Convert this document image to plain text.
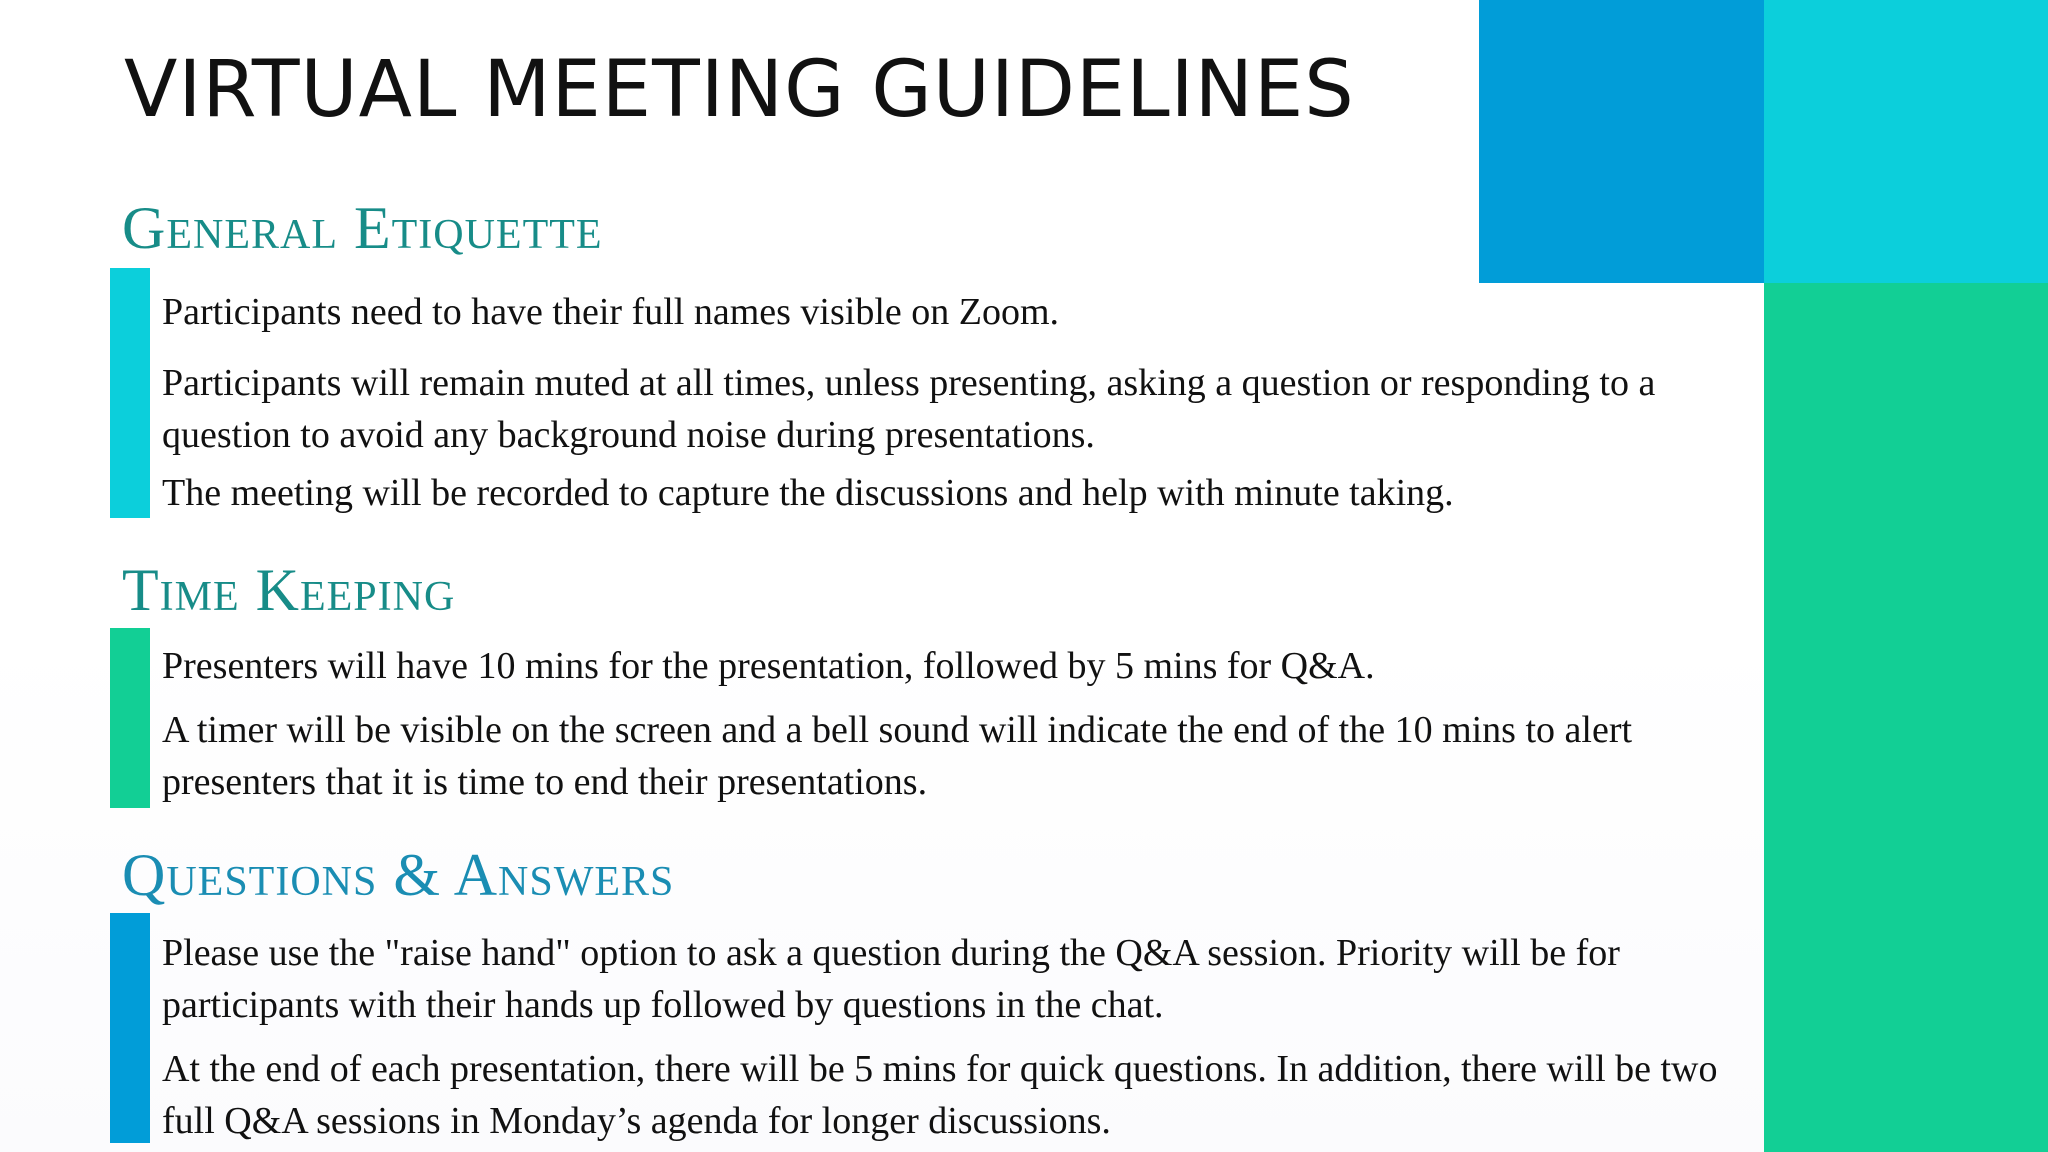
VIRTUAL MEETING GUIDELINES
General Etiquette
Participants need to have their full names visible on Zoom.
Participants will remain muted at all times, unless presenting, asking a question or responding to a question to avoid any background noise during presentations.
The meeting will be recorded to capture the discussions and help with minute taking.
Time Keeping
Presenters will have 10 mins for the presentation, followed by 5 mins for Q&A.
A timer will be visible on the screen and a bell sound will indicate the end of the 10 mins to alert presenters that it is time to end their presentations.
Questions & Answers
Please use the "raise hand" option to ask a question during the Q&A session. Priority will be for participants with their hands up followed by questions in the chat.
At the end of each presentation, there will be 5 mins for quick questions. In addition, there will be two full Q&A sessions in Monday’s agenda for longer discussions.
